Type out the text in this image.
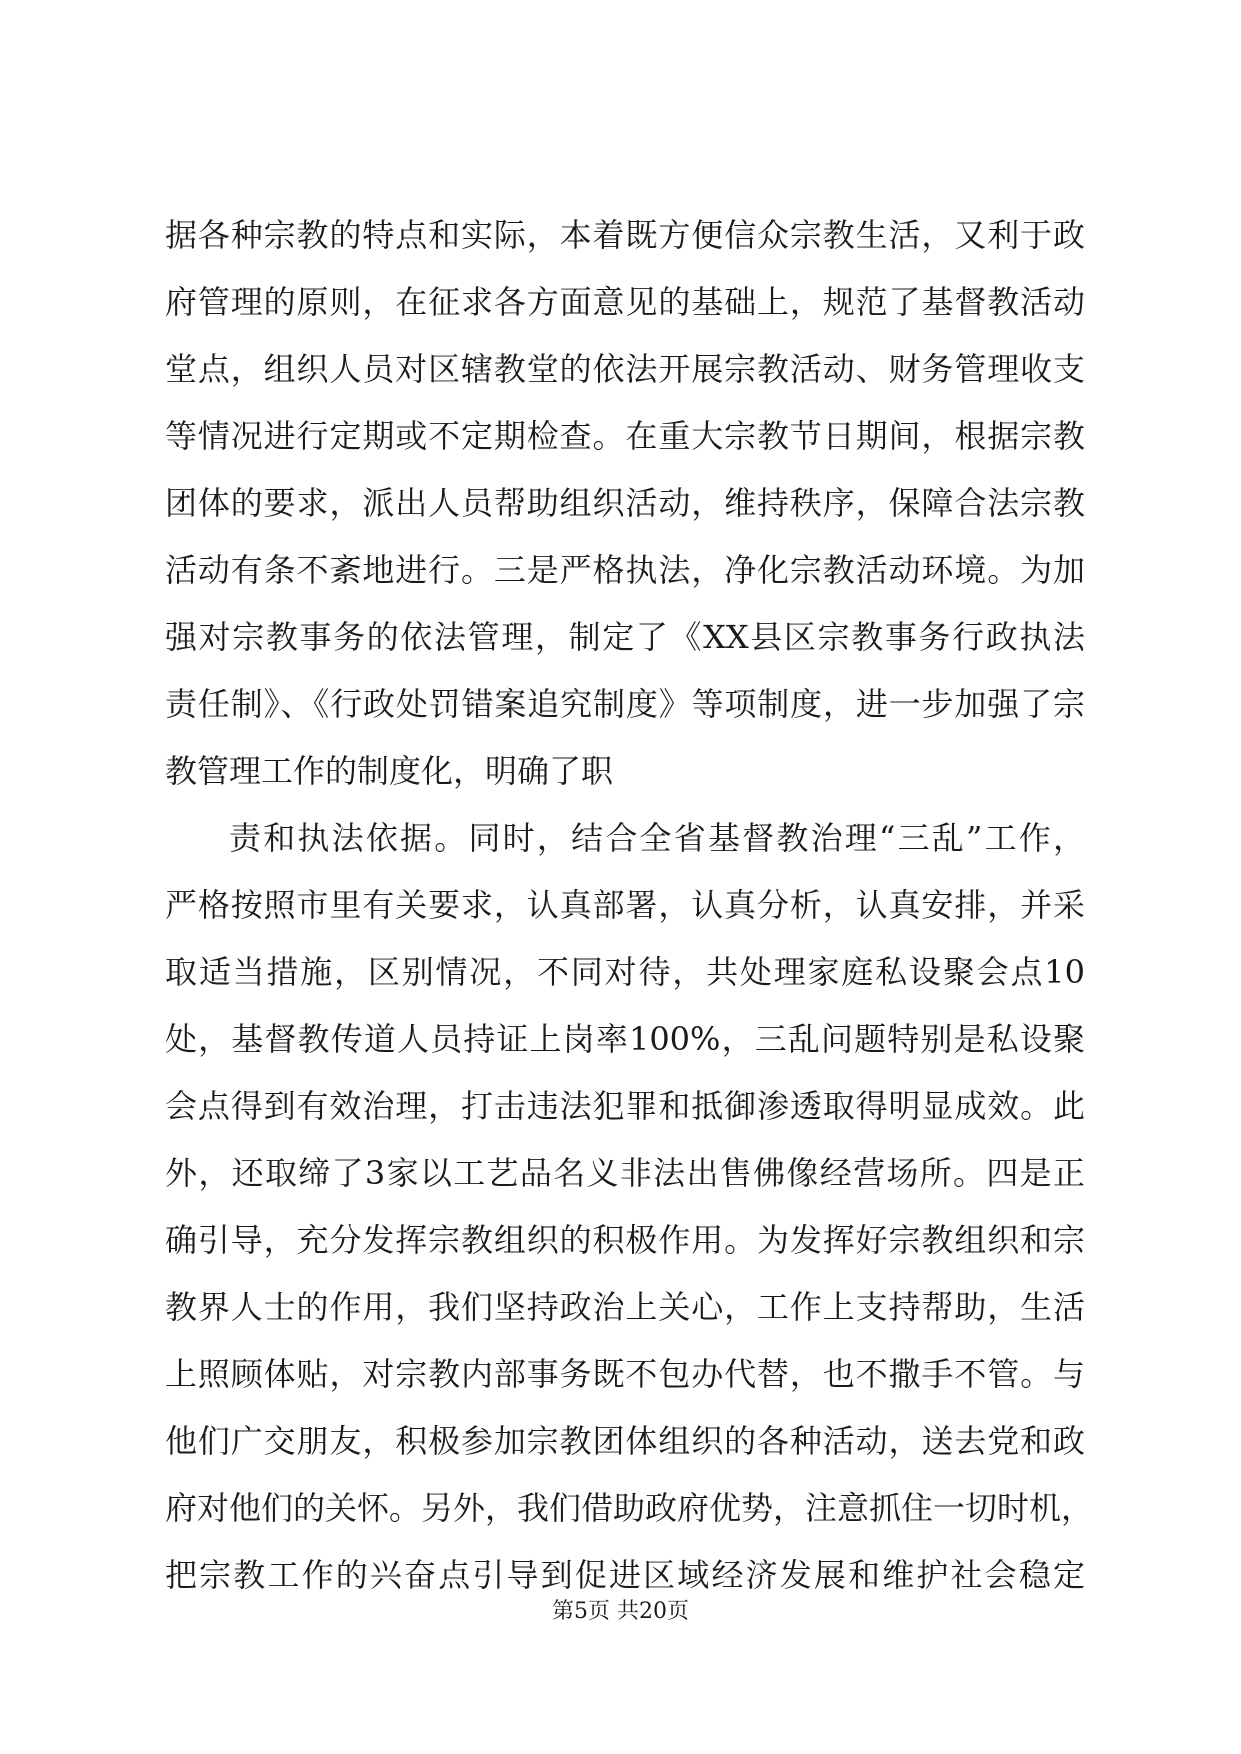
据各种宗教的特点和实际，本着既方便信众宗教生活，又利于政
府管理的原则，在征求各方面意见的基础上，规范了基督教活动
堂点，组织人员对区辖教堂的依法开展宗教活动、财务管理收支
等情况进行定期或不定期检查。在重大宗教节日期间，根据宗教
团体的要求，派出人员帮助组织活动，维持秩序，保障合法宗教
活动有条不紊地进行。三是严格执法，净化宗教活动环境。为加
强对宗教事务的依法管理，制定了《XX县区宗教事务行政执法
责任制》、《行政处罚错案追究制度》等项制度，进一步加强了宗
教管理工作的制度化，明确了职
责和执法依据。同时，结合全省基督教治理“三乱”工作，
严格按照市里有关要求，认真部署，认真分析，认真安排，并采
取适当措施，区别情况，不同对待，共处理家庭私设聚会点10
处，基督教传道人员持证上岗率100%，三乱问题特别是私设聚
会点得到有效治理，打击违法犯罪和抵御渗透取得明显成效。此
外，还取缔了3家以工艺品名义非法出售佛像经营场所。四是正
确引导，充分发挥宗教组织的积极作用。为发挥好宗教组织和宗
教界人士的作用，我们坚持政治上关心，工作上支持帮助，生活
上照顾体贴，对宗教内部事务既不包办代替，也不撒手不管。与
他们广交朋友，积极参加宗教团体组织的各种活动，送去党和政
府对他们的关怀。另外，我们借助政府优势，注意抓住一切时机，
把宗教工作的兴奋点引导到促进区域经济发展和维护社会稳定
第5页 共20页
